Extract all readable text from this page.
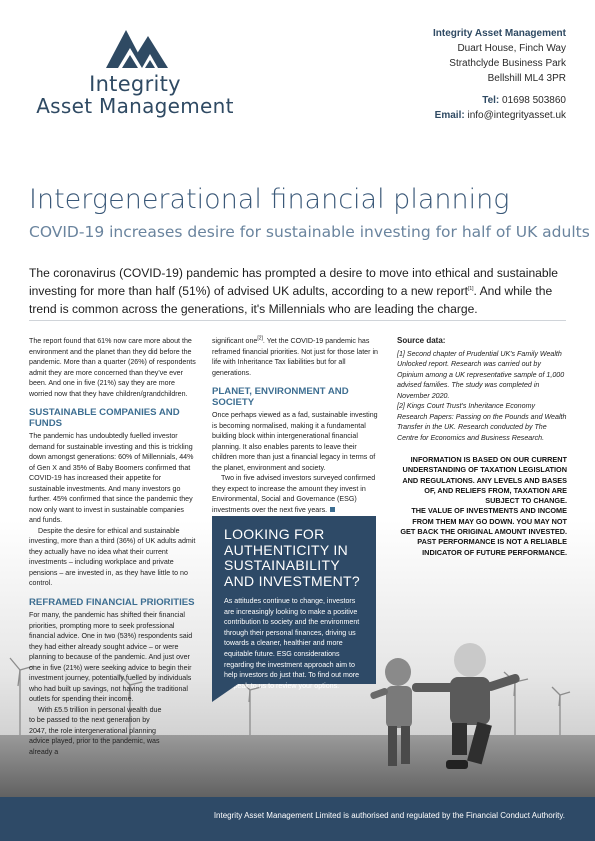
Integrity
Asset Management
Integrity Asset Management
Duart House, Finch Way
Strathclyde Business Park
Bellshill ML4 3PR
Tel: 01698 503860
Email: info@integrityasset.uk
Intergenerational financial planning
COVID-19 increases desire for sustainable investing for half of UK adults
The coronavirus (COVID-19) pandemic has prompted a desire to move into ethical and sustainable investing for more than half (51%) of advised UK adults, according to a new report[1]. And while the trend is common across the generations, it's Millennials who are leading the charge.

The report found that 61% now care more about the environment and the planet than they did before the pandemic. More than a quarter (26%) of respondents admit they are more concerned than they've ever been. And one in five (21%) say they are more worried now that they have children/grandchildren.

SUSTAINABLE COMPANIES AND FUNDS

The pandemic has undoubtedly fuelled investor demand for sustainable investing and this is trickling down amongst generations: 60% of Millennials, 44% of Gen X and 35% of Baby Boomers confirmed that COVID-19 has increased their appetite for sustainable investments. And many investors go further. 45% confirmed that since the pandemic they now only want to invest in sustainable companies and funds.

Despite the desire for ethical and sustainable investing, more than a third (36%) of UK adults admit they actually have no idea what their current investments – including workplace and private pensions – are invested in, as they have little to no control.

REFRAMED FINANCIAL PRIORITIES

For many, the pandemic has shifted their financial priorities, prompting more to seek professional financial advice. One in two (53%) respondents said they had either already sought advice – or were planning to because of the pandemic. And just over one in five (21%) were seeking advice to begin their investment journey, potentially fuelled by individuals who had built up savings, not having the traditional outlets for spending their income.

With £5.5 trillion in personal wealth due to be passed to the next generation by 2047, the role intergenerational planning advice played, prior to the pandemic, was already a

significant one[2]. Yet the COVID-19 pandemic has reframed financial priorities. Not just for those later in life with Inheritance Tax liabilities but for all generations.

PLANET, ENVIRONMENT AND SOCIETY

Once perhaps viewed as a fad, sustainable investing is becoming normalised, making it a fundamental building block within intergenerational financial planning. It also enables parents to leave their children more than just a financial legacy in terms of the planet, environment and society.

Two in five advised investors surveyed confirmed they expect to increase the amount they invest in Environmental, Social and Governance (ESG) investments over the next five years.

LOOKING FOR AUTHENTICITY IN SUSTAINABILITY AND INVESTMENT?

As attitudes continue to change, investors are increasingly looking to make a positive contribution to society and the environment through their personal finances, driving us towards a cleaner, healthier and more equitable future. ESG considerations regarding the investment approach aim to help investors do just that. To find out more – speak to us to review your options.

Source data:

[1] Second chapter of Prudential UK's Family Wealth Unlocked report. Research was carried out by Opinium among a UK representative sample of 1,000 advised families. The study was completed in November 2020.

[2] Kings Court Trust's Inheritance Economy Research Papers: Passing on the Pounds and Wealth Transfer in the UK. Research conducted by The Centre for Economics and Business Research.

INFORMATION IS BASED ON OUR CURRENT UNDERSTANDING OF TAXATION LEGISLATION AND REGULATIONS. ANY LEVELS AND BASES OF, AND RELIEFS FROM, TAXATION ARE SUBJECT TO CHANGE.

THE VALUE OF INVESTMENTS AND INCOME FROM THEM MAY GO DOWN. YOU MAY NOT GET BACK THE ORIGINAL AMOUNT INVESTED.

PAST PERFORMANCE IS NOT A RELIABLE INDICATOR OF FUTURE PERFORMANCE.

Integrity Asset Management Limited is authorised and regulated by the Financial Conduct Authority.
